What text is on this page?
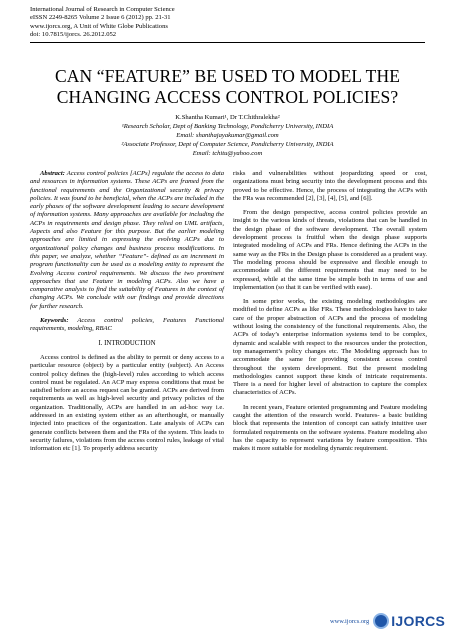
International Journal of Research in Computer Science
eISSN 2249-8265 Volume 2 Issue 6 (2012) pp. 21-31
www.ijorcs.org, A Unit of White Globe Publications
doi: 10.7815/ijorcs. 26.2012.052
CAN “FEATURE” BE USED TO MODEL THE
CHANGING ACCESS CONTROL POLICIES?
K.Shantha Kumari¹, Dr T.Chithralekha²
¹Research Scholar, Dept of Banking Technology, Pondicherry University, INDIA
Email: shanthajayakumar@gmail.com
²Associate Professor, Dept of Computer Science, Pondicherry University, INDIA
Email: tchitu@yahoo.com

Abstract: Access control policies [ACPs] regulate the access to data and resources in information systems. These ACPs are framed from the functional requirements and the Organizational security & privacy policies. It was found to be beneficial, when the ACPs are included in the early phases of the software development leading to secure development of information systems. Many approaches are available for including the ACPs in requirements and design phase. They relied on UML artifacts, Aspects and also Feature for this purpose. But the earlier modeling approaches are limited in expressing the evolving ACPs due to organizational policy changes and business process modifications. In this paper, we analyze, whether “Feature”- defined as an increment in program functionality can be used as a modeling entity to represent the Evolving Access control requirements. We discuss the two prominent approaches that use Feature in modeling ACPs. Also we have a comparative analysis to find the suitability of Features in the context of changing ACPs. We conclude with our findings and provide directions for further research.

Keywords: Access control policies, Features Functional requirements, modeling, RBAC

I. INTRODUCTION

Access control is defined as the ability to permit or deny access to a particular resource (object) by a particular entity (subject). An Access control policy defines the (high-level) rules according to which access control must be regulated. An ACP may express conditions that must be satisfied before an access request can be granted. ACPs are derived from requirements as well as high-level security and privacy policies of the organization. Traditionally, ACPs are handled in an ad-hoc way i.e. addressed in an existing system either as an afterthought, or manually injected into practices of the organization. Late analysis of ACPs can generate conflicts between them and the FRs of the system. This leads to security failures, violations from the access control rules, leakage of vital information etc [1]. To properly address security

risks and vulnerabilities without jeopardizing speed or cost, organizations must bring security into the development process and this proved to be effective. Hence, the process of integrating the ACPs with the FRs was recommended [2], [3], [4], [5], and [6]].

From the design perspective, access control policies provide an insight to the various kinds of threats, violations that can be handled in the design phase of the software development. The overall system development process is fruitful when the design phase supports integrated modeling of ACPs and FRs. Hence defining the ACPs in the same way as the FRs in the Design phase is considered as a prudent way. The modeling process should be expressive and flexible enough to accommodate all the different requirements that may need to be expressed, while at the same time be simple both in terms of use and implementation (so that it can be verified with ease).

In some prior works, the existing modeling methodologies are modified to define ACPs as like FRs. These methodologies have to take care of the proper abstraction of ACPs and the process of modeling without losing the consistency of the functional requirements. Also, the ACPs of today’s enterprise information systems tend to be complex, dynamic and scalable with respect to the resources under the protection, top management’s policy changes etc. The Modeling approach has to accommodate the same for providing consistent access control throughout the system development. But the present modeling methodologies cannot support these kinds of intricate requirements. There is a need for higher level of abstraction to capture the complex characteristics of ACPs.

In recent years, Feature oriented programming and Feature modeling caught the attention of the research world. Features- a basic building block that represents the intention of concept can satisfy intuitive user formulated requirements on the software systems. Feature modeling also has the capacity to represent variations by feature composition. This makes it more suitable for modeling dynamic requirement.

www.ijorcs.org IJORCS
